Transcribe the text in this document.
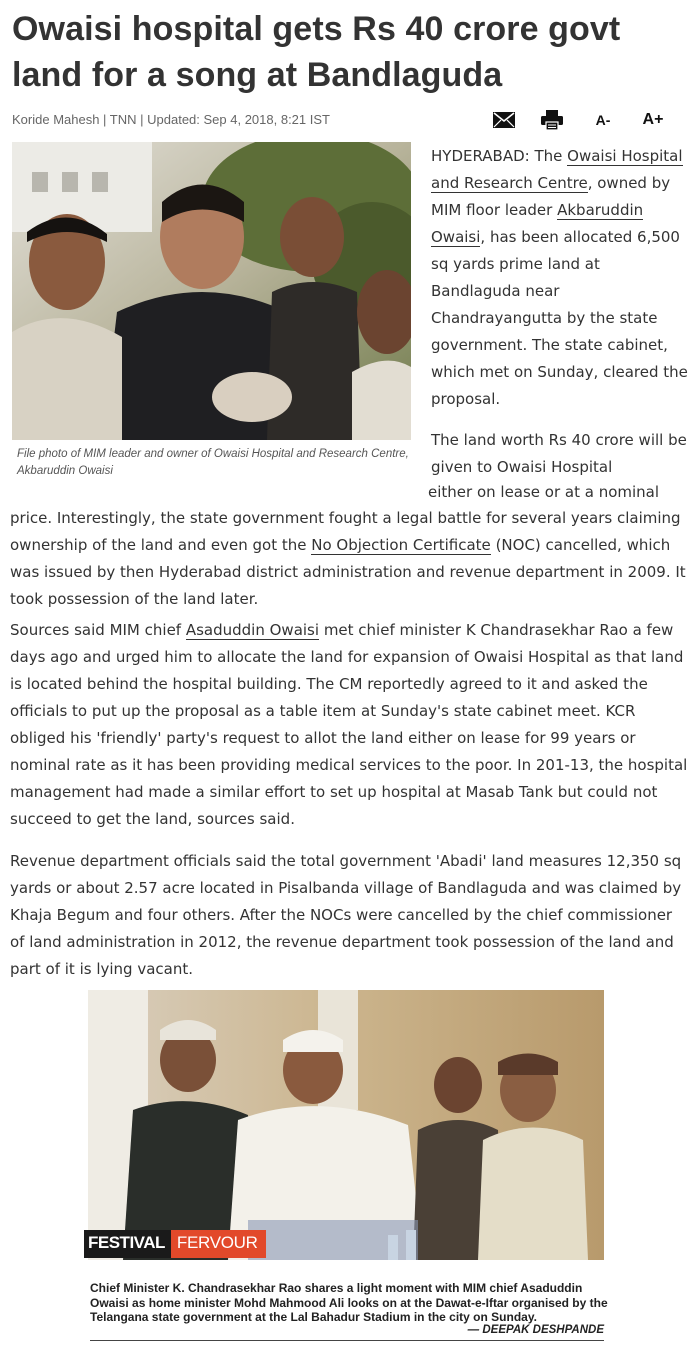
Owaisi hospital gets Rs 40 crore govt land for a song at Bandlaguda
Koride Mahesh | TNN | Updated: Sep 4, 2018, 8:21 IST	A-	A+
File photo of MIM leader and owner of Owaisi Hospital and Research Centre, Akbaruddin Owaisi

HYDERABAD: The Owaisi Hospital and Research Centre, owned by MIM floor leader Akbaruddin Owaisi, has been allocated 6,500 sq yards prime land at Bandlaguda near Chandrayangutta by the state government. The state cabinet, which met on Sunday, cleared the proposal.

The land worth Rs 40 crore will be given to Owaisi Hospital

either on lease or at a nominal

price. Interestingly, the state government fought a legal battle for several years claiming ownership of the land and even got the No Objection Certificate (NOC) cancelled, which was issued by then Hyderabad district administration and revenue department in 2009. It took possession of the land later.

Sources said MIM chief Asaduddin Owaisi met chief minister K Chandrasekhar Rao a few days ago and urged him to allocate the land for expansion of Owaisi Hospital as that land is located behind the hospital building. The CM reportedly agreed to it and asked the officials to put up the proposal as a table item at Sunday's state cabinet meet. KCR obliged his 'friendly' party's request to allot the land either on lease for 99 years or nominal rate as it has been providing medical services to the poor. In 201-13, the hospital management had made a similar effort to set up hospital at Masab Tank but could not succeed to get the land, sources said.

Revenue department officials said the total government 'Abadi' land measures 12,350 sq yards or about 2.57 acre located in Pisalbanda village of Bandlaguda and was claimed by Khaja Begum and four others. After the NOCs were cancelled by the chief commissioner of land administration in 2012, the revenue department took possession of the land and part of it is lying vacant.

FESTIVAL FERVOUR
Chief Minister K. Chandrasekhar Rao shares a light moment with MIM chief Asaduddin Owaisi as home minister Mohd Mahmood Ali looks on at the Dawat-e-Iftar organised by the Telangana state government at the Lal Bahadur Stadium in the city on Sunday.
— DEEPAK DESHPANDE
